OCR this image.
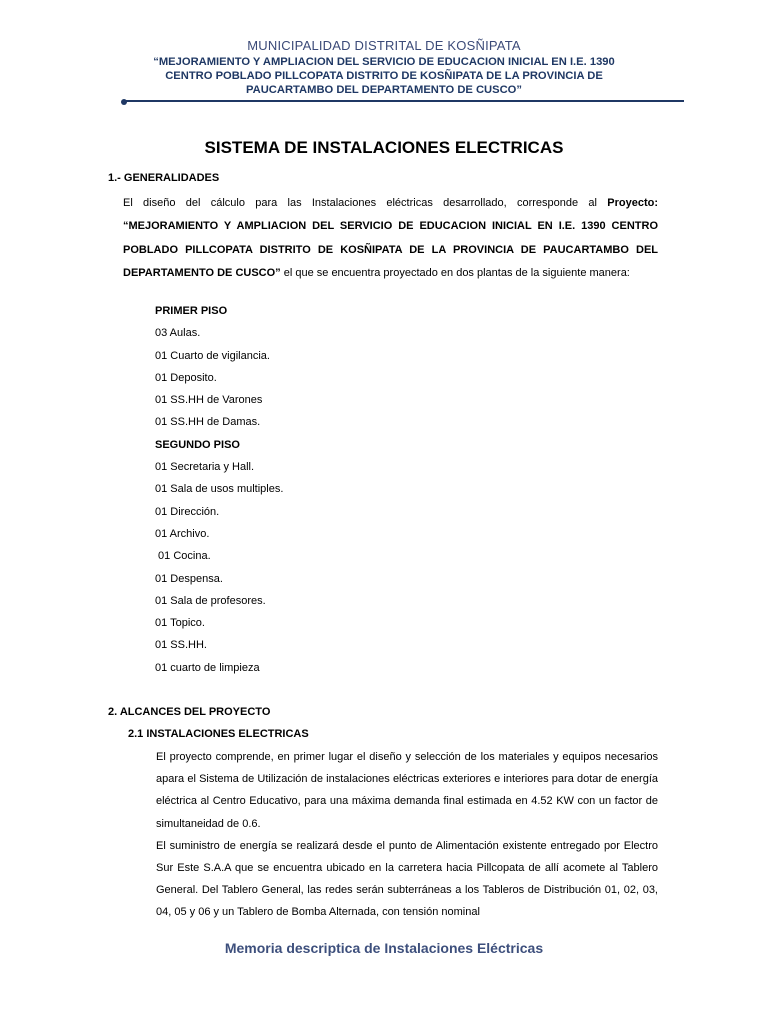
MUNICIPALIDAD DISTRITAL DE KOSÑIPATA
“MEJORAMIENTO Y AMPLIACION DEL SERVICIO DE EDUCACION INICIAL EN I.E. 1390
CENTRO POBLADO PILLCOPATA DISTRITO DE KOSÑIPATA DE LA PROVINCIA DE
PAUCARTAMBO DEL DEPARTAMENTO DE CUSCO”
SISTEMA DE INSTALACIONES ELECTRICAS
1.- GENERALIDADES
El diseño del cálculo para las Instalaciones eléctricas desarrollado, corresponde al Proyecto: “MEJORAMIENTO Y AMPLIACION DEL SERVICIO DE EDUCACION INICIAL EN I.E. 1390 CENTRO POBLADO PILLCOPATA DISTRITO DE KOSÑIPATA DE LA PROVINCIA DE PAUCARTAMBO DEL DEPARTAMENTO DE CUSCO” el que se encuentra proyectado en dos plantas de la siguiente manera:
PRIMER PISO
03 Aulas.
01 Cuarto de vigilancia.
01 Deposito.
01 SS.HH de Varones
01 SS.HH de Damas.
SEGUNDO PISO
01 Secretaria y Hall.
01 Sala de usos multiples.
01 Dirección.
01 Archivo.
01 Cocina.
01 Despensa.
01 Sala de profesores.
01 Topico.
01 SS.HH.
01 cuarto de limpieza
2. ALCANCES DEL PROYECTO
2.1 INSTALACIONES ELECTRICAS
El proyecto comprende, en primer lugar el diseño y selección de los materiales y equipos necesarios apara el Sistema de Utilización de instalaciones eléctricas exteriores e interiores para dotar de energía eléctrica al Centro Educativo, para una máxima demanda final estimada en 4.52 KW con un factor de simultaneidad de 0.6.
El suministro de energía se realizará desde el punto de Alimentación existente entregado por Electro Sur Este S.A.A que se encuentra ubicado en la carretera hacia Pillcopata de allí acomete al Tablero General. Del Tablero General, las redes serán subterráneas a los Tableros de Distribución 01, 02, 03, 04, 05 y 06 y un Tablero de Bomba Alternada, con tensión nominal
Memoria descriptica de Instalaciones Eléctricas
